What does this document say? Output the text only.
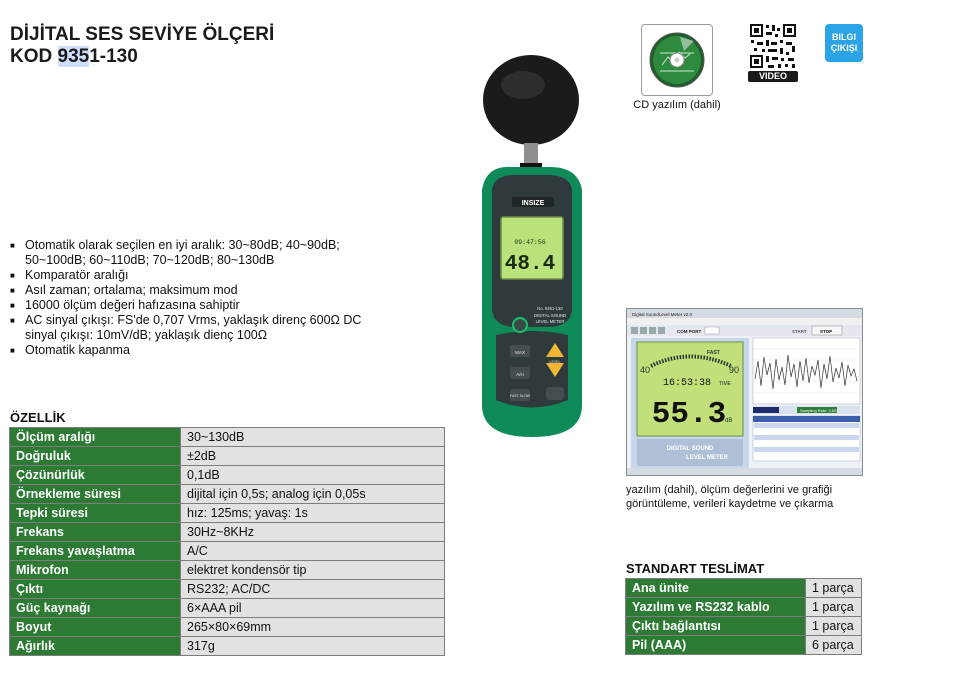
DİJİTAL SES SEVİYE ÖLÇERİ
KOD 9351-130
■ Otomatik olarak seçilen en iyi aralık: 30~80dB; 40~90dB; 50~100dB; 60~110dB; 70~120dB; 80~130dB
■ Komparatör aralığı
■ Asıl zaman; ortalama; maksimum mod
■ 16000 ölçüm değeri hafızasına sahiptir
■ AC sinyal çıkışı: FS'de 0,707 Vrms, yaklaşık direnç 600Ω DC sinyal çıkışı: 10mV/dB; yaklaşık dienç 100Ω
■ Otomatik kapanma
ÖZELLİK
Ölçüm aralığı	30~130dB
Doğruluk	±2dB
Çözünürlük	0,1dB
Örnekleme süresi	dijital için 0,5s; analog için 0,05s
Tepki süresi	hız: 125ms; yavaş: 1s
Frekans	30Hz~8KHz
Frekans yavaşlatma	A/C
Mikrofon	elektret kondensör tip
Çıktı	RS232; AC/DC
Güç kaynağı	6×AAA pil
Boyut	265×80×69mm
Ağırlık	317g
STANDART TESLİMAT
Ana ünite	1 parça
Yazılım ve RS232 kablo	1 parça
Çıktı bağlantısı	1 parça
Pil (AAA)	6 parça
CD yazılım (dahil)
VIDEO
BILGI ÇIKIŞI
INSIZE
09:47:56
48.4
No. 9351-130
DIGITAL SOUND
LEVEL METER
MAX
A/H
FAST SLOW
LEVEL
Digital SoundLevel Meter v2.0
COM PORT	START	STOP
40	90
FAST
16:53:38 TIME
55.3
dB
DIGITAL SOUND
LEVEL METER
Sampling Rate: 0.5S
yazılım (dahil), ölçüm değerlerini ve grafiği görüntüleme, verileri kaydetme ve çıkarma
